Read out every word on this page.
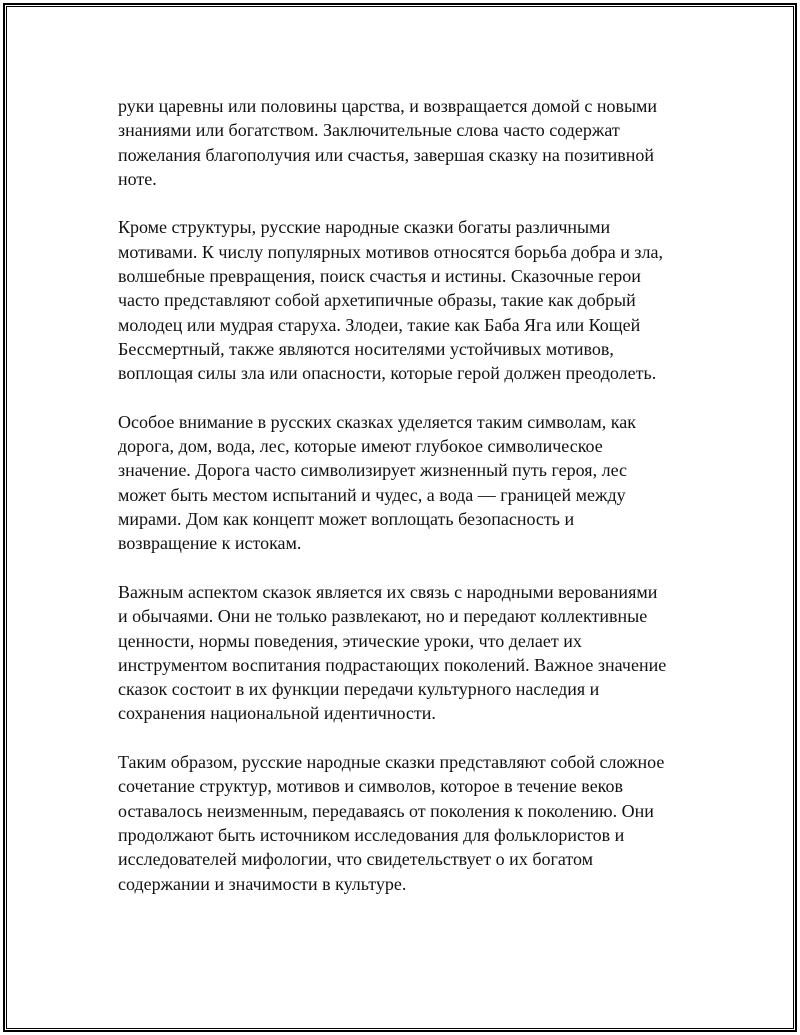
руки царевны или половины царства, и возвращается домой с новыми
знаниями или богатством. Заключительные слова часто содержат
пожелания благополучия или счастья, завершая сказку на позитивной
ноте.

Кроме структуры, русские народные сказки богаты различными
мотивами. К числу популярных мотивов относятся борьба добра и зла,
волшебные превращения, поиск счастья и истины. Сказочные герои
часто представляют собой архетипичные образы, такие как добрый
молодец или мудрая старуха. Злодеи, такие как Баба Яга или Кощей
Бессмертный, также являются носителями устойчивых мотивов,
воплощая силы зла или опасности, которые герой должен преодолеть.

Особое внимание в русских сказках уделяется таким символам, как
дорога, дом, вода, лес, которые имеют глубокое символическое
значение. Дорога часто символизирует жизненный путь героя, лес
может быть местом испытаний и чудес, а вода — границей между
мирами. Дом как концепт может воплощать безопасность и
возвращение к истокам.

Важным аспектом сказок является их связь с народными верованиями
и обычаями. Они не только развлекают, но и передают коллективные
ценности, нормы поведения, этические уроки, что делает их
инструментом воспитания подрастающих поколений. Важное значение
сказок состоит в их функции передачи культурного наследия и
сохранения национальной идентичности.

Таким образом, русские народные сказки представляют собой сложное
сочетание структур, мотивов и символов, которое в течение веков
оставалось неизменным, передаваясь от поколения к поколению. Они
продолжают быть источником исследования для фольклористов и
исследователей мифологии, что свидетельствует о их богатом
содержании и значимости в культуре.
